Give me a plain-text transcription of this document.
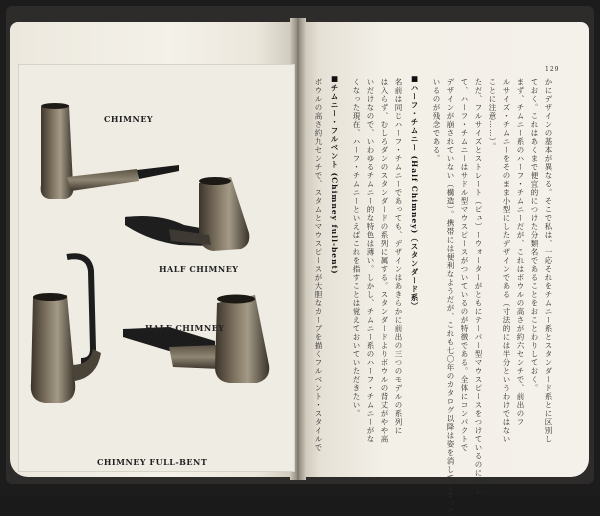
129
CHIMNEY
HALF CHIMNEY
HALF CHIMNEY
CHIMNEY FULL-BENT
かにデザインの基本が異なる。そこで私は、一応それをチムニー系とスタンダード系とに区別し
ておく。これはあくまで便宜的につけた分類名であることをおことわりしておく。
まず、チムニー系のハーフ・チムニーだが、これはボウルの高さが約六センチで、前出のフ
ルサイズ・チムニーをそのまま小型にしたデザインである（寸法的には半分というわけではない
ことに注意……）。
ただ、フルサイズとストレート（ピュ）ーウォーターがともにテーパー型マウスピースをつけているのに対し
て、ハーフ・チムニーはサドル型マウスピースがついているのが特徴である。全体にコンパクトで
デザインが崩されていない（構造）。携帯には便利なようだが、これも七〇年のカタログ以降は姿を消してしまって
いるのが残念である。
■ハーフ・チムニー (Half Chimney)（スタンダード系）
名前は同じハーフ・チムニーであっても、デザインはあきらかに前出の三つのモデルの系列に
は入らず、むしろダンのスタンダードの系列に属する。スタンダードよりボウルの背丈がやや高
いだけなので、いわゆるチムニー的な特色は薄い。しかし、チムニー系のハーフ・チムニーがな
くなった現在、ハーフ・チムニーといえばこれを指すことは覚えておいていただきたい。
■チムニー・フルベント (Chimney full-bent)
ボウルの高さ約九センチで、スタムとマウスピースが大胆なカーブを描くフルベント・スタイルで
